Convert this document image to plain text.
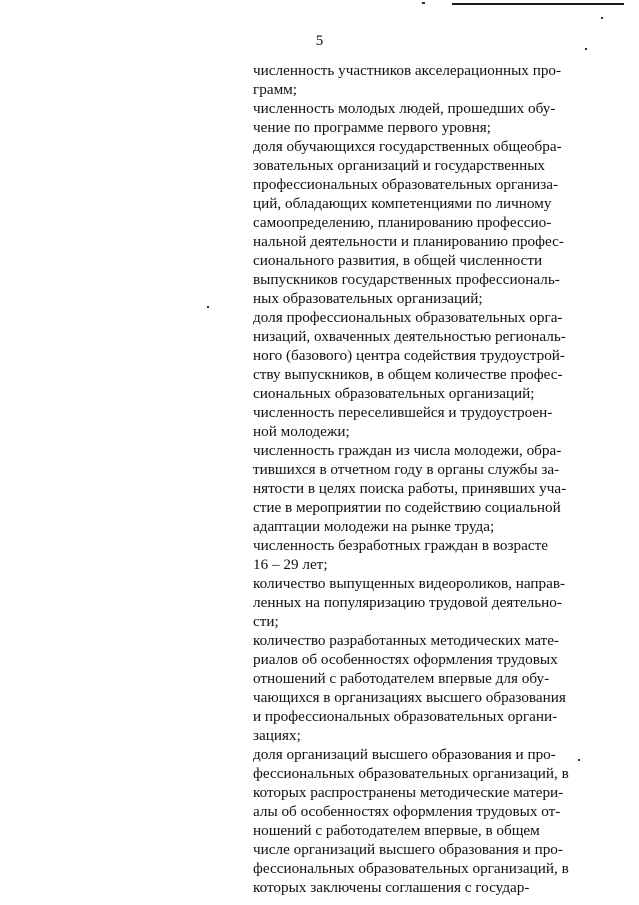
5

численность участников акселерационных про-
грамм;

численность молодых людей, прошедших обу-
чение по программе первого уровня;

доля обучающихся государственных общеобра-
зовательных организаций и государственных
профессиональных образовательных организа-
ций, обладающих компетенциями по личному
самоопределению, планированию профессио-
нальной деятельности и планированию профес-
сионального развития, в общей численности
выпускников государственных профессиональ-
ных образовательных организаций;

доля профессиональных образовательных орга-
низаций, охваченных деятельностью региональ-
ного (базового) центра содействия трудоустрой-
ству выпускников, в общем количестве профес-
сиональных образовательных организаций;

численность переселившейся и трудоустроен-
ной молодежи;

численность граждан из числа молодежи, обра-
тившихся в отчетном году в органы службы за-
нятости в целях поиска работы, принявших уча-
стие в мероприятии по содействию социальной
адаптации молодежи на рынке труда;

численность безработных граждан в возрасте
16 – 29 лет;

количество выпущенных видеороликов, направ-
ленных на популяризацию трудовой деятельно-
сти;

количество разработанных методических мате-
риалов об особенностях оформления трудовых
отношений с работодателем впервые для обу-
чающихся в организациях высшего образования
и профессиональных образовательных органи-
зациях;

доля организаций высшего образования и про-
фессиональных образовательных организаций, в
которых распространены методические матери-
алы об особенностях оформления трудовых от-
ношений с работодателем впервые, в общем
числе организаций высшего образования и про-
фессиональных образовательных организаций, в
которых заключены соглашения с государ-
